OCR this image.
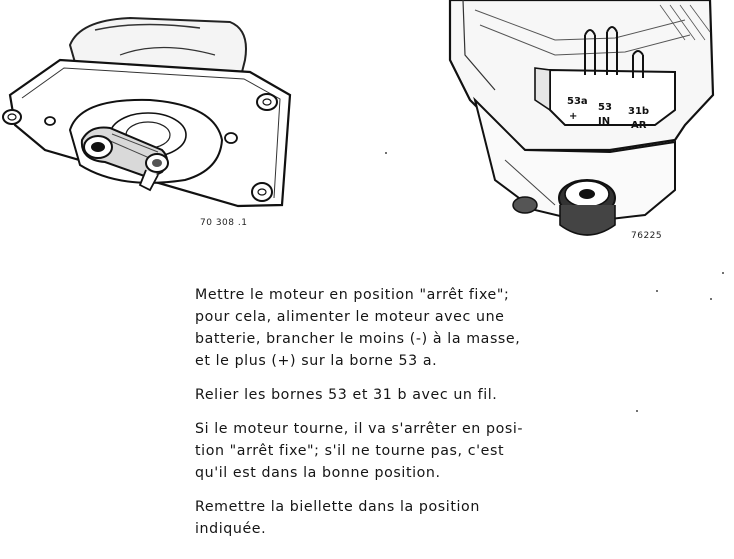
70 308 .1
53a
53 31b
+ IN AR
76225
Mettre le moteur en position "arrêt fixe";
pour cela, alimenter le moteur avec une
batterie, brancher le moins (-) à la masse,
et le plus (+) sur la borne 53 a.
Relier les bornes 53 et 31 b avec un fil.
Si le moteur tourne, il va s'arrêter en posi-
tion "arrêt fixe"; s'il ne tourne pas, c'est
qu'il est dans la bonne position.
Remettre la biellette dans la position
indiquée.
